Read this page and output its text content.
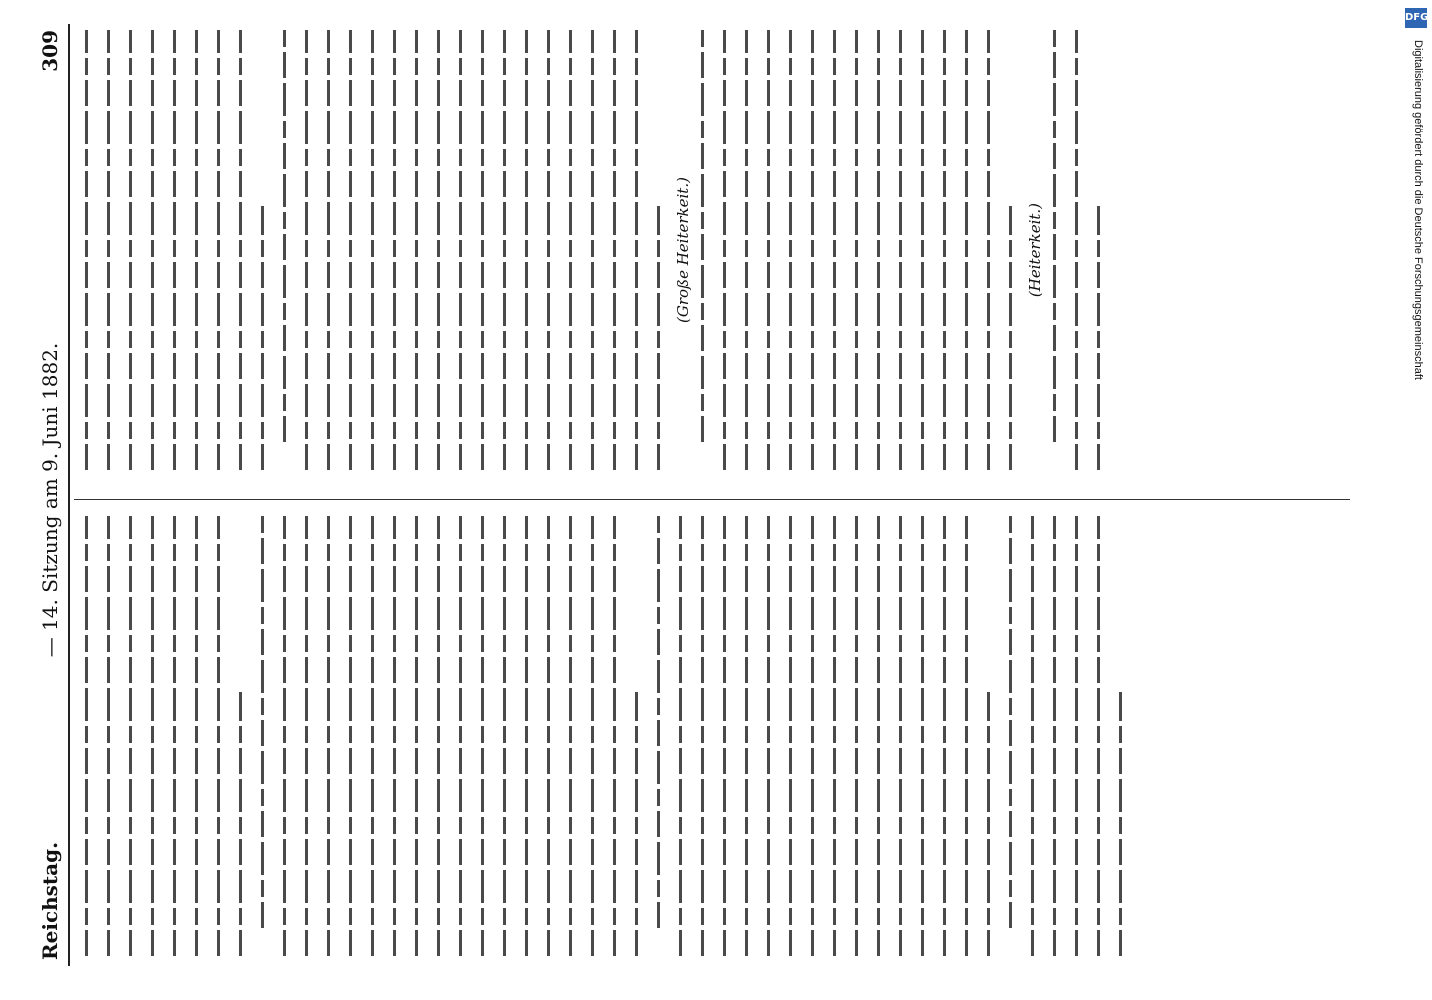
Reichstag.
— 14. Sitzung am 9. Juni 1882.
309
(Große Heiterkeit.)	(Heiterkeit.)
DFG
Digitalisierung gefördert durch die Deutsche Forschungsgemeinschaft
